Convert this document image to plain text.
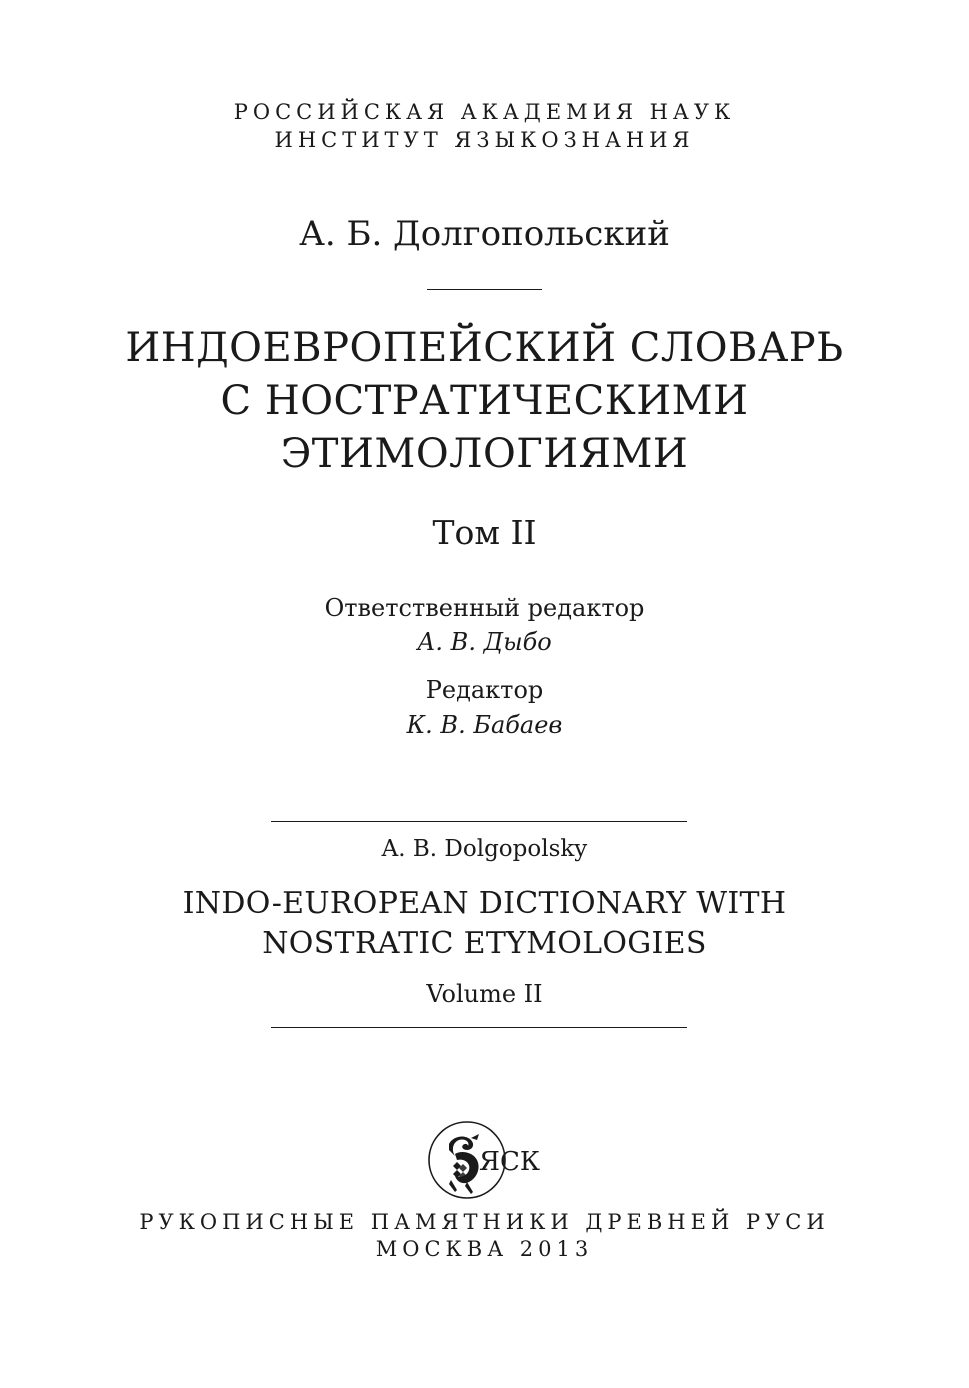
РОССИЙСКАЯ АКАДЕМИЯ НАУК
ИНСТИТУТ ЯЗЫКОЗНАНИЯ
А. Б. Долгопольский
ИНДОЕВРОПЕЙСКИЙ СЛОВАРЬ
С НОСТРАТИЧЕСКИМИ
ЭТИМОЛОГИЯМИ
Том II
Ответственный редактор
А. В. Дыбо
Редактор
К. В. Бабаев
A. B. Dolgopolsky
INDO-EUROPEAN DICTIONARY WITH
NOSTRATIC ETYMOLOGIES
Volume II
ЯСК
РУКОПИСНЫЕ ПАМЯТНИКИ ДРЕВНЕЙ РУСИ
МОСКВА 2013
